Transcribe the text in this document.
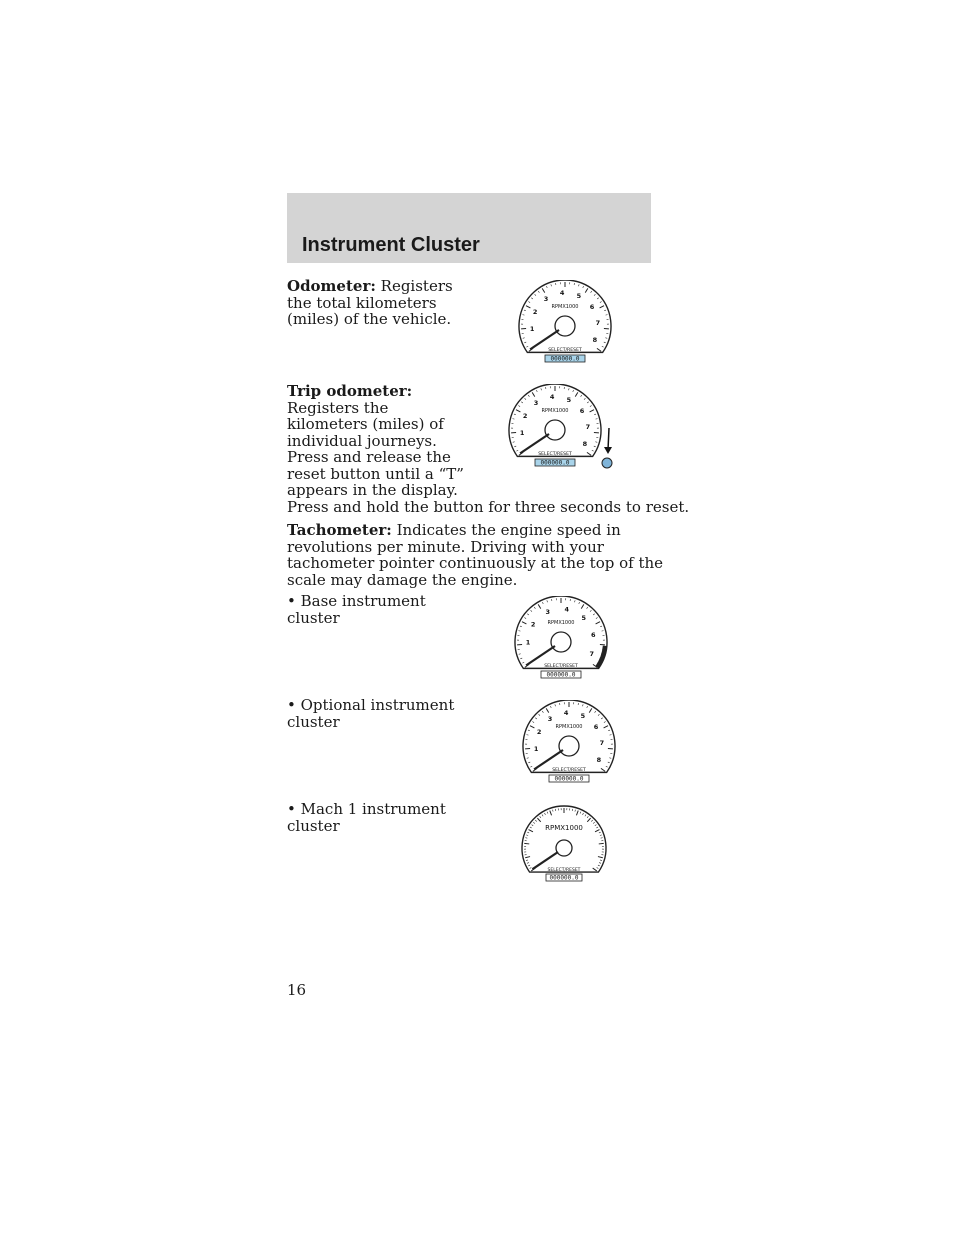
Instrument Cluster
Odometer: Registers
the total kilometers
(miles) of the vehicle.
Trip odometer:
Registers the
kilometers (miles) of
individual journeys.
Press and release the
reset button until a “T”
appears in the display.
Press and hold the button for three seconds to reset.
Tachometer: Indicates the engine speed in
revolutions per minute. Driving with your
tachometer pointer continuously at the top of the
scale may damage the engine.
• Base instrument
cluster
• Optional instrument
cluster
• Mach 1 instrument
cluster
1
2
3
4 5
6
7
8
RPMX1000
SELECT/RESET
000000.0
1
2
3
4 5
6
7
8
RPMX1000
SELECT/RESET
000000.0
1
2
3 4
5
6
7
RPMX1000
SELECT/RESET
000000.0
1
2
3
4 5
6
7
8
RPMX1000
SELECT/RESET
000000.0
RPMX1000
SELECT/RESET
000000.0
16
